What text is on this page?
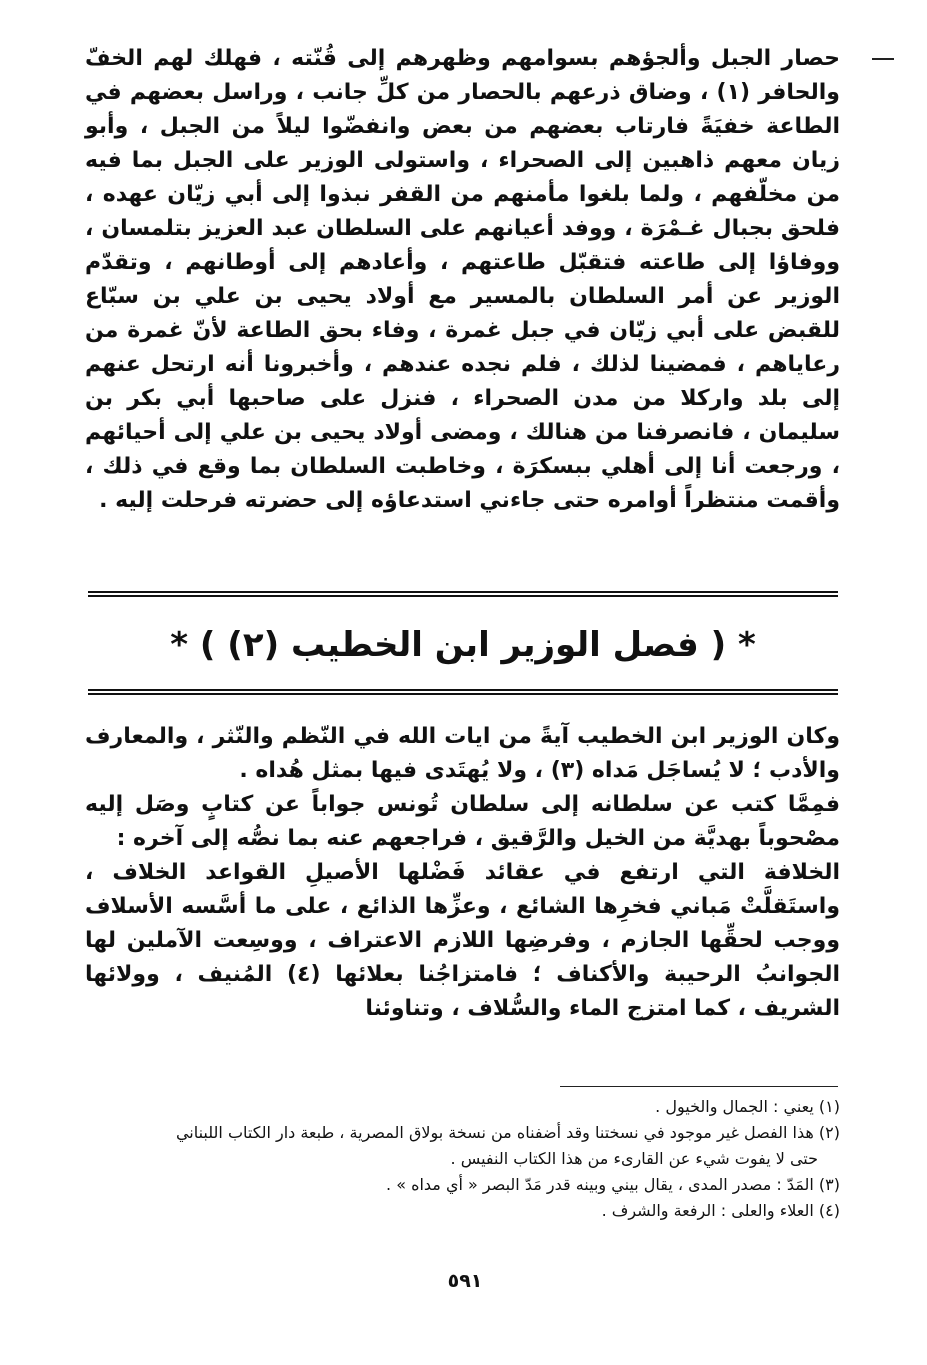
حصار الجبل وألجؤهم بسوامهم وظهرهم إلى قُنّته ، فهلك لهم الخفّ والحافر (١) ، وضاق ذرعهم بالحصار من كلِّ جانب ، وراسل بعضهم في الطاعة خفيَةً فارتاب بعضهم من بعض وانفضّوا ليلاً من الجبل ، وأبو زيان معهم ذاهبين إلى الصحراء ، واستولى الوزير على الجبل بما فيه من مخلّفهم ، ولما بلغوا مأمنهم من القفر نبذوا إلى أبي زيّان عهده ، فلحق بجبال غـمْرَة ، ووفد أعيانهم على السلطان عبد العزيز بتلمسان ، ووفاؤا إلى طاعته فتقبّل طاعتهم ، وأعادهم إلى أوطانهم ، وتقدّم الوزير عن أمر السلطان بالمسير مع أولاد يحيى بن علي بن سبّاع للقبض على أبي زيّان في جبل غمرة ، وفاء بحق الطاعة لأنّ غمرة من رعاياهم ، فمضينا لذلك ، فلم نجده عندهم ، وأخبرونا أنه ارتحل عنهم إلى بلد واركلا من مدن الصحراء ، فنزل على صاحبها أبي بكر بن سليمان ، فانصرفنا من هنالك ، ومضى أولاد يحيى بن علي إلى أحيائهم ، ورجعت أنا إلى أهلي ببسكرَة ، وخاطبت السلطان بما وقع في ذلك ، وأقمت منتظراً أوامره حتى جاءني استدعاؤه إلى حضرته فرحلت إليه .

* ( فصل الوزير ابن الخطيب (٢) ) *

وكان الوزير ابن الخطيب آيةً من ايات الله في النّظم والنّثر ، والمعارف والأدب ؛ لا يُساجَل مَداه (٣) ، ولا يُهتَدى فيها بمثل هُداه .

فمِمَّا كتب عن سلطانه إلى سلطان تُونس جواباً عن كتابٍ وصَل إليه مصْحوباً بهديَّة من الخيل والرَّقيق ، فراجعهم عنه بما نصُّه إلى آخره :

الخلافة التي ارتفع في عقائد فَضْلها الأصيلِ القواعد الخلاف ، واستَقلَّتْ مَباني فخرِها الشائع ، وعزِّها الذائع ، على ما أسَّسه الأسلاف ووجب لحقِّها الجازم ، وفرضِها اللازم الاعتراف ، ووسِعت الآملين لها الجوانبُ الرحيبة والأكناف ؛ فامتزاجُنا بعلائها (٤) المُنيف ، وولائها الشريف ، كما امتزج الماء والسُّلاف ، وتناوئنا

(١) يعني : الجمال والخيول .

(٢) هذا الفصل غير موجود في نسختنا وقد أضفناه من نسخة بولاق المصرية ، طبعة دار الكتاب اللبناني

حتى لا يفوت شيء عن القارىء من هذا الكتاب النفيس .

(٣) المَدّ : مصدر المدى ، يقال بيني وبينه قدر مَدّ البصر « أي مداه » .

(٤) العلاء والعلى : الرفعة والشرف .

٥٩١
